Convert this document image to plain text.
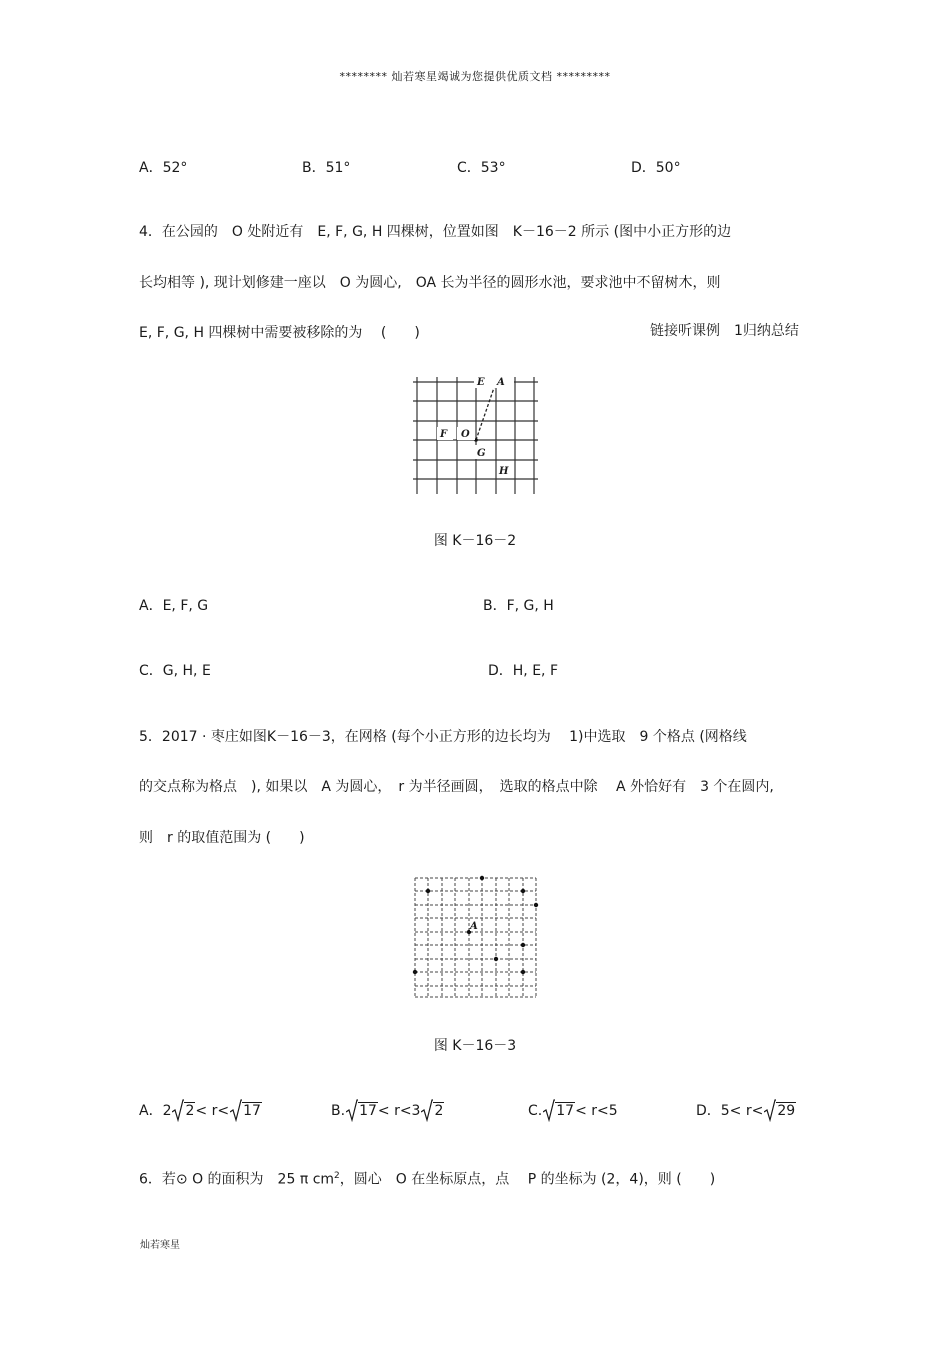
******** 灿若寒星竭诚为您提供优质文档 *********
A．52°	B．51°	C．53°	D．50°
4．在公园的　O 处附近有　E, F, G, H 四棵树，位置如图　K－16－2 所示 (图中小正方形的边
长均相等 ), 现计划修建一座以　O 为圆心,　OA 长为半径的圆形水池，要求池中不留树木，则
E, F, G, H 四棵树中需要被移除的为　 (　　)	链接听课例　1归纳总结
E A
F O
G
H
图 K－16－2
A．E, F, G	B．F, G, H
C．G, H, E	D．H, E, F
5．2017 · 枣庄如图K－16－3，在网格 (每个小正方形的边长均为　 1)中选取　9 个格点 (网格线
的交点称为格点　), 如果以　A 为圆心，　r 为半径画圆，　选取的格点中除　 A 外恰好有　3 个在圆内,
则　r 的取值范围为 (　　)
A
图 K－16－3
A．2 2< r< 17	B. 17< r<3 2	C. 17< r<5	D．5< r< 29
6．若⊙ O 的面积为　25 π $cm^2$，圆心　O 在坐标原点，点　 P 的坐标为 (2，4)，则 (　　)
灿若寒星
